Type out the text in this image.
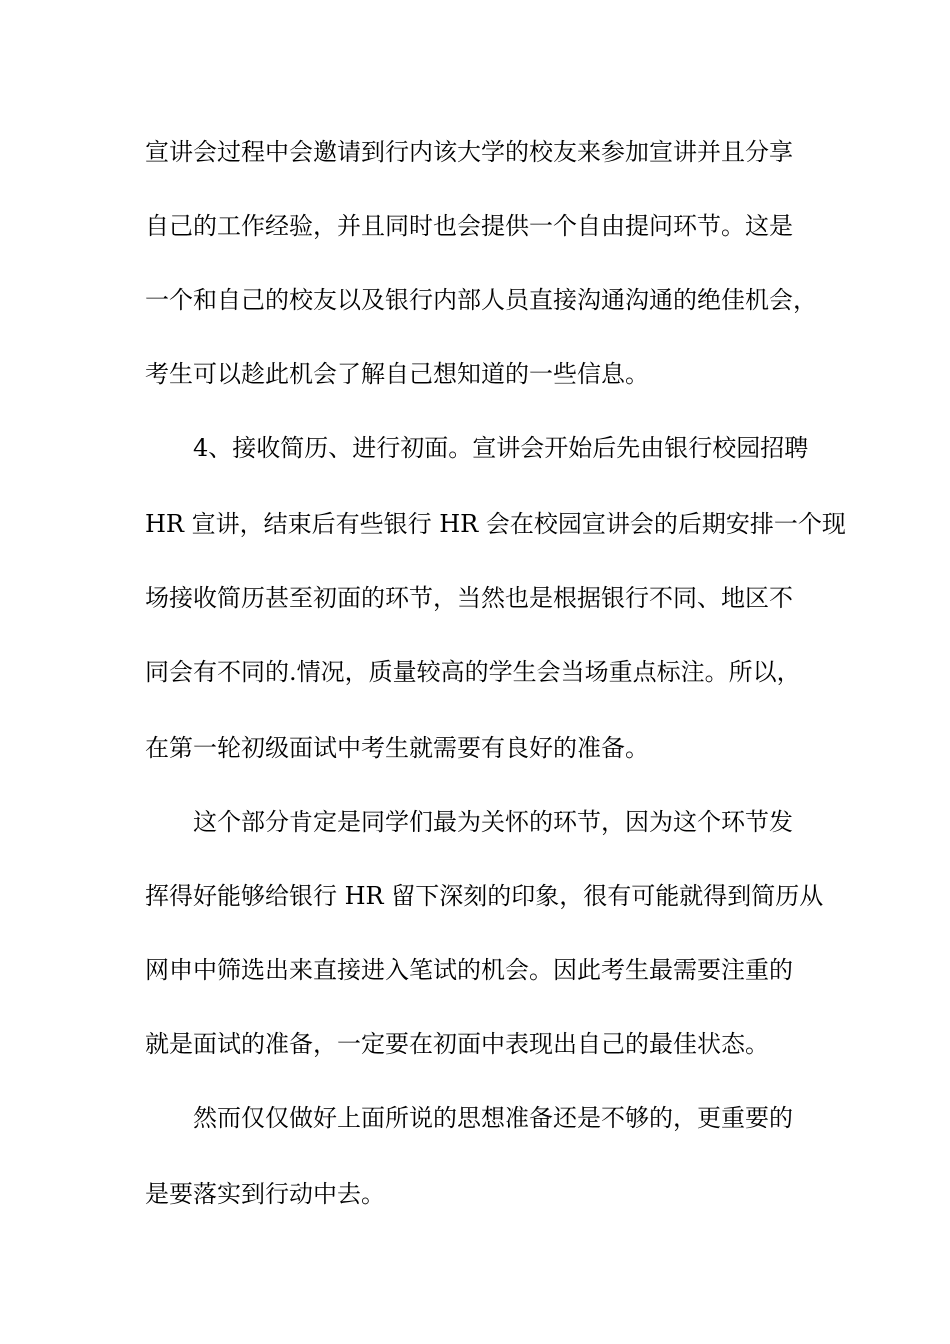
宣讲会过程中会邀请到行内该大学的校友来参加宣讲并且分享
自己的工作经验，并且同时也会提供一个自由提问环节。这是
一个和自己的校友以及银行内部人员直接沟通沟通的绝佳机会，
考生可以趁此机会了解自己想知道的一些信息。
4、接收简历、进行初面。宣讲会开始后先由银行校园招聘
HR 宣讲，结束后有些银行 HR 会在校园宣讲会的后期安排一个现
场接收简历甚至初面的环节，当然也是根据银行不同、地区不
同会有不同的.情况，质量较高的学生会当场重点标注。所以，
在第一轮初级面试中考生就需要有良好的准备。
这个部分肯定是同学们最为关怀的环节，因为这个环节发
挥得好能够给银行 HR 留下深刻的印象，很有可能就得到简历从
网申中筛选出来直接进入笔试的机会。因此考生最需要注重的
就是面试的准备，一定要在初面中表现出自己的最佳状态。
然而仅仅做好上面所说的思想准备还是不够的，更重要的
是要落实到行动中去。
